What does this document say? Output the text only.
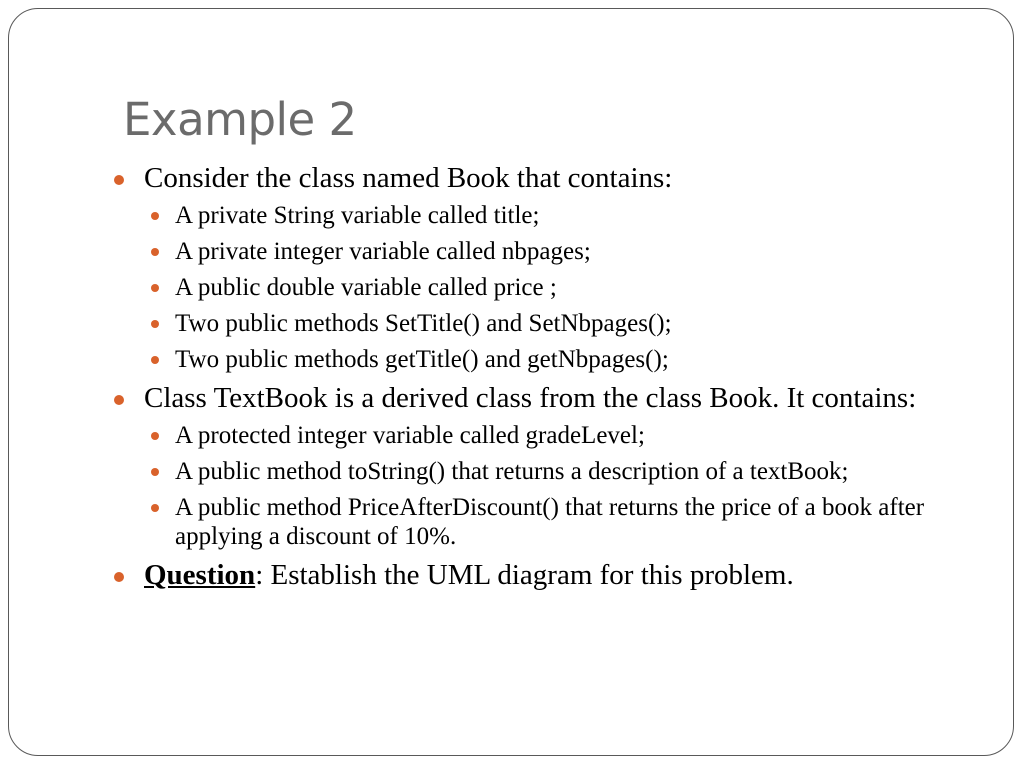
Example 2
Consider the class named Book that contains:
A private String variable called title;
A private integer variable called nbpages;
A public double variable called price ;
Two public methods SetTitle() and SetNbpages();
Two public methods getTitle() and getNbpages();
Class TextBook is a derived class from the class Book. It contains:
A protected integer variable called gradeLevel;
A public method toString() that returns a description of a textBook;
A public method PriceAfterDiscount() that returns the price of a book after applying a discount of 10%.
Question: Establish the UML diagram for this problem.
